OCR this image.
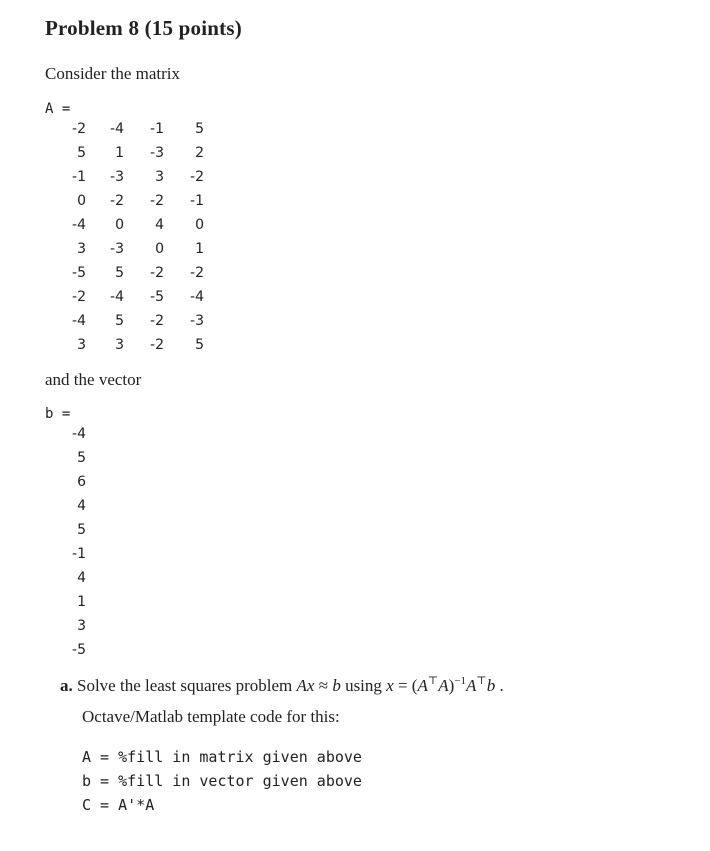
Problem 8 (15 points)
Consider the matrix
A =
-2	-4	-1	5
5	1	-3	2
-1	-3	3	-2
0	-2	-2	-1
-4	0	4	0
3	-3	0	1
-5	5	-2	-2
-2	-4	-5	-4
-4	5	-2	-3
3	3	-2	5
and the vector
b =
-4
5
6
4
5
-1
4
1
3
-5
a. Solve the least squares problem Ax ≈ b using $x = (A^⊤A)^{-1}A^⊤b$ .
Octave/Matlab template code for this:
A = %fill in matrix given above
b = %fill in vector given above
C = A'*A
